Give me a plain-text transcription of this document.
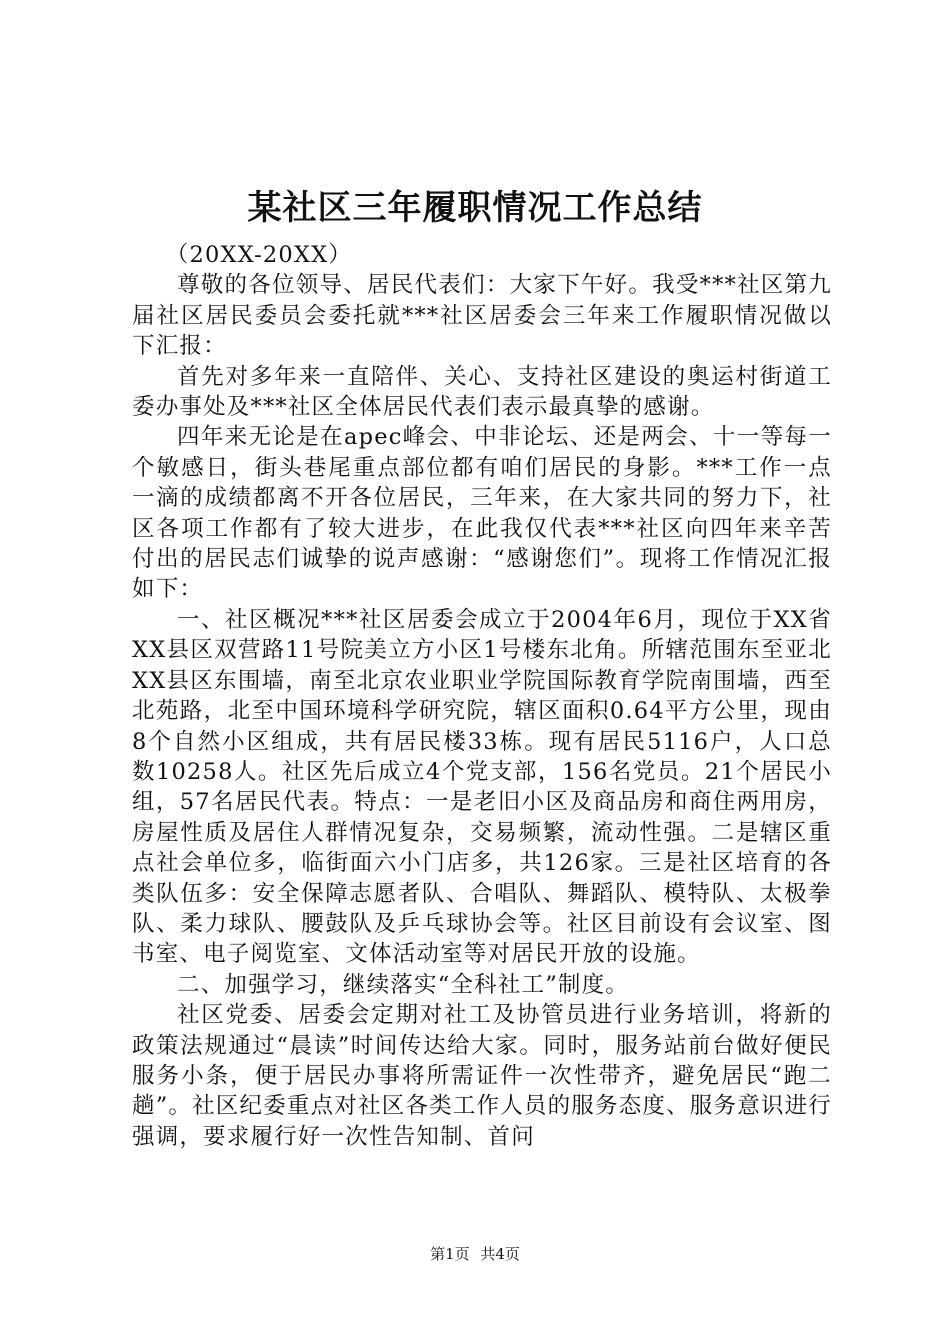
某社区三年履职情况工作总结

（20XX-20XX）

尊敬的各位领导、居民代表们：大家下午好。我受***社区第九届社区居民委员会委托就***社区居委会三年来工作履职情况做以下汇报：

首先对多年来一直陪伴、关心、支持社区建设的奥运村街道工委办事处及***社区全体居民代表们表示最真挚的感谢。

四年来无论是在apec峰会、中非论坛、还是两会、十一等每一个敏感日，街头巷尾重点部位都有咱们居民的身影。***工作一点一滴的成绩都离不开各位居民，三年来，在大家共同的努力下，社区各项工作都有了较大进步，在此我仅代表***社区向四年来辛苦付出的居民志们诚挚的说声感谢：“感谢您们”。现将工作情况汇报如下：

一、社区概况***社区居委会成立于2004年6月，现位于XX省XX县区双营路11号院美立方小区1号楼东北角。所辖范围东至亚北XX县区东围墙，南至北京农业职业学院国际教育学院南围墙，西至北苑路，北至中国环境科学研究院，辖区面积0.64平方公里，现由8个自然小区组成，共有居民楼33栋。现有居民5116户，人口总数10258人。社区先后成立4个党支部，156名党员。21个居民小组，57名居民代表。特点：一是老旧小区及商品房和商住两用房，房屋性质及居住人群情况复杂，交易频繁，流动性强。二是辖区重点社会单位多，临街面六小门店多，共126家。三是社区培育的各类队伍多：安全保障志愿者队、合唱队、舞蹈队、模特队、太极拳队、柔力球队、腰鼓队及乒乓球协会等。社区目前设有会议室、图书室、电子阅览室、文体活动室等对居民开放的设施。

二、加强学习，继续落实“全科社工”制度。

社区党委、居委会定期对社工及协管员进行业务培训，将新的政策法规通过“晨读”时间传达给大家。同时，服务站前台做好便民服务小条，便于居民办事将所需证件一次性带齐，避免居民“跑二趟”。社区纪委重点对社区各类工作人员的服务态度、服务意识进行强调，要求履行好一次性告知制、首问

第1页 共4页
